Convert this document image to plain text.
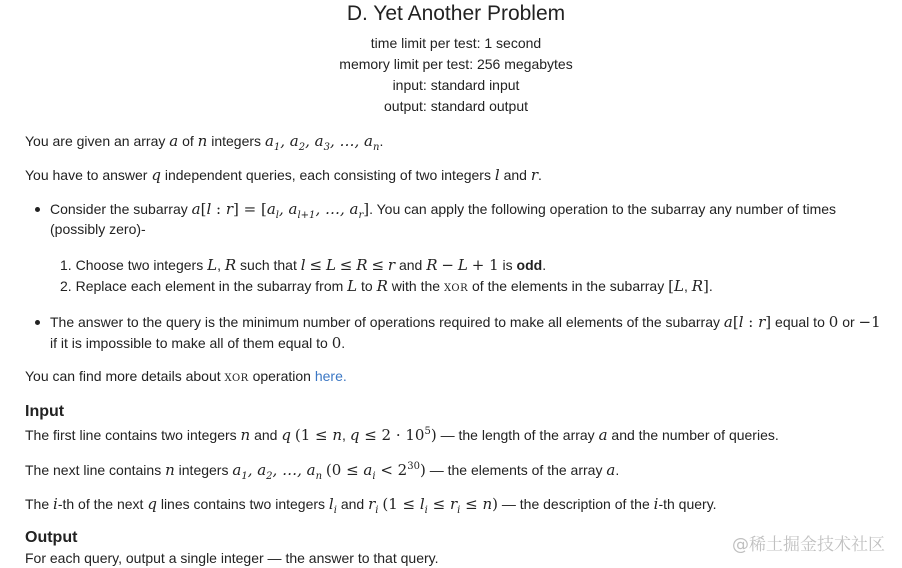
D. Yet Another Problem
time limit per test: 1 second
memory limit per test: 256 megabytes
input: standard input
output: standard output
You are given an array a of n integers $a_1$, $a_2$, $a_3$, …, $a_n$.
You have to answer q independent queries, each consisting of two integers l and r.
Consider the subarray a[l : $r] = [a_l$, $a_{l+1}$, …, $a_r$]. You can apply the following operation to the subarray any number of times
(possibly zero)-
1. Choose two integers L, R such that l ≤ L ≤ R ≤ r and R − L + 1 is odd.
2. Replace each element in the subarray from L to R with the XOR of the elements in the subarray [L, R].
The answer to the query is the minimum number of operations required to make all elements of the subarray a[l : r] equal to 0 or −1
if it is impossible to make all of them equal to 0.
You can find more details about XOR operation here.
Input
The first line contains two integers n and q (1 ≤ n, $q \le 2 \cdot 10^5$) — the length of the array a and the number of queries.
The next line contains n integers $a_1$, $a_2$, …, $a_n$ $(0 \le a_i < 2^{30})$ — the elements of the array a.
The i-th of the next q lines contains two integers $l_i$ and $r_i$ $(1 \le l_i \le r_i \le n)$ — the description of the i-th query.
Output
For each query, output a single integer — the answer to that query.
@稀土掘金技术社区
